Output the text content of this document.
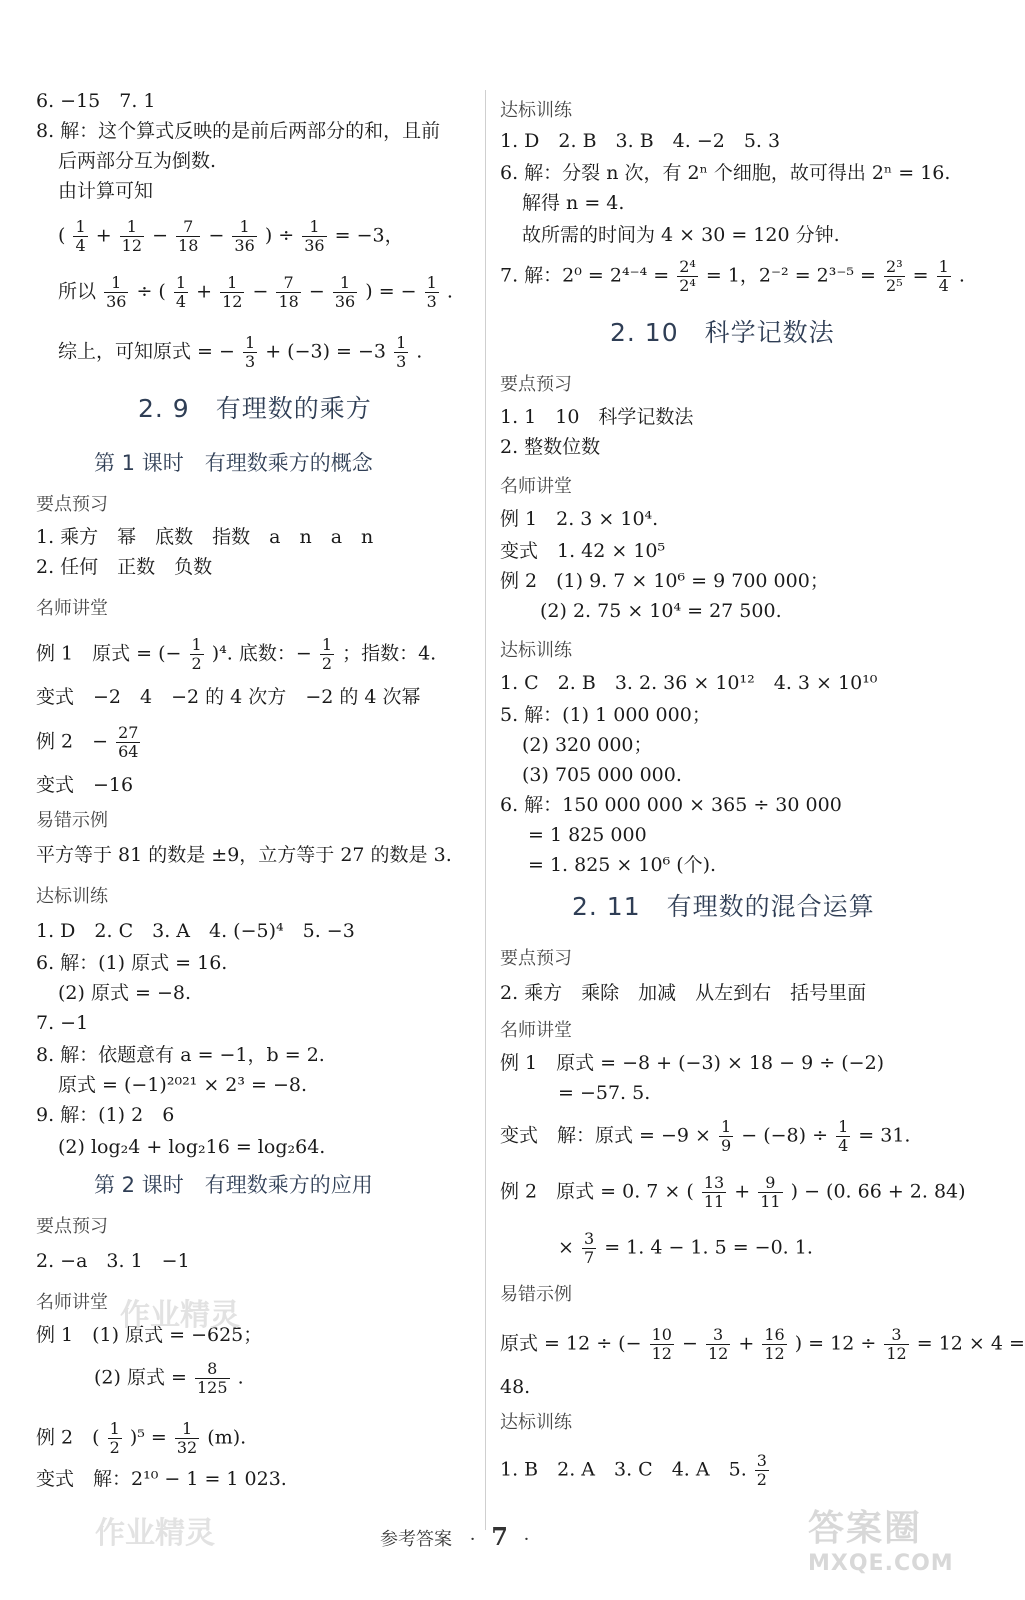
6. −15　7. 1
8. 解：这个算式反映的是前后两部分的和，且前
后两部分互为倒数.
由计算可知
( $\frac{1}{4} + \frac{1}{12} - \frac{7}{18} - \frac{1}{36}$ ) ÷ $\frac{1}{36} = -3$，
所以 $\frac{1}{36}$ ÷ ( $\frac{1}{4} + \frac{1}{12} - \frac{7}{18} - \frac{1}{36}$ ) = − $\frac{1}{3}$ .
综上，可知原式 = − $\frac{1}{3} + (-3) = -3 \frac{1}{3}$ .
2. 9　有理数的乘方
第 1 课时　有理数乘方的概念
要点预习
1. 乘方　幂　底数　指数　a　n　a　n
2. 任何　正数　负数
名师讲堂
例 1　原式 = (− $\frac{1}{2} )^4$. 底数：− $\frac{1}{2}$ ；指数：4.
变式　−2　4　−2 的 4 次方　−2 的 4 次幂
例 2　− $\frac{27}{64}$
变式　−16
易错示例
平方等于 81 的数是 ±9，立方等于 27 的数是 3.
达标训练
1. D　2. C　3. A　4. (−5)⁴　5. −3
6. 解：(1) 原式 = 16.
(2) 原式 = −8.
7. −1
8. 解：依题意有 a = −1，b = 2.
原式 = (−1)²⁰²¹ × 2³ = −8.
9. 解：(1) 2　6
(2) log₂4 + log₂16 = log₂64.
第 2 课时　有理数乘方的应用
要点预习
2. −a　3. 1　−1
名师讲堂
例 1　(1) 原式 = −625；
(2) 原式 = $\frac{8}{125}$ .
例 2　( $\frac{1}{2} )^5 = \frac{1}{32} (m)$.
变式　解：2¹⁰ − 1 = 1 023.
达标训练
1. D　2. B　3. B　4. −2　5. 3
6. 解：分裂 n 次，有 2ⁿ 个细胞，故可得出 2ⁿ = 16.
解得 n = 4.
故所需的时间为 4 × 30 = 120 分钟.
7. 解：$2^0 = 2^{4-4} = \frac{\text{2⁴}}{\text{2⁴}} = 1$，$2^{-2} = 2^{3-5} = \frac{\text{2³}}{\text{2⁵}} = \frac{1}{4}$ .
2. 10　科学记数法
要点预习
1. 1　10　科学记数法
2. 整数位数
名师讲堂
例 1　2. 3 × 10⁴.
变式　1. 42 × 10⁵
例 2　(1) 9. 7 × 10⁶ = 9 700 000；
(2) 2. 75 × 10⁴ = 27 500.
达标训练
1. C　2. B　3. 2. 36 × 10¹²　4. 3 × 10¹⁰
5. 解：(1) 1 000 000；
(2) 320 000；
(3) 705 000 000.
6. 解：150 000 000 × 365 ÷ 30 000
= 1 825 000
= 1. 825 × 10⁶ (个).
2. 11　有理数的混合运算
要点预习
2. 乘方　乘除　加减　从左到右　括号里面
名师讲堂
例 1　原式 = −8 + (−3) × 18 − 9 ÷ (−2)
= −57. 5.
变式　解：原式 = $-9 \times \frac{1}{9} - (-8) \div \frac{1}{4} = 31$.
例 2　原式 = 0. 7 × ( $\frac{13}{11} + \frac{9}{11}$ ) − (0. 66 + 2. 84)
× $\frac{3}{7} = 1$. 4 − 1. 5 = −0. 1.
易错示例
原式 = 12 ÷ (− $\frac{10}{12} - \frac{3}{12} + \frac{16}{12}$ ) = $12 \div \frac{3}{12} = 12 \times 4$ =
48.
达标训练
1. B　2. A　3. C　4. A　5. $\frac{3}{2}$
作业精灵
作业精灵	参考答案 · 7 ·	答案圈
MXQE.COM
